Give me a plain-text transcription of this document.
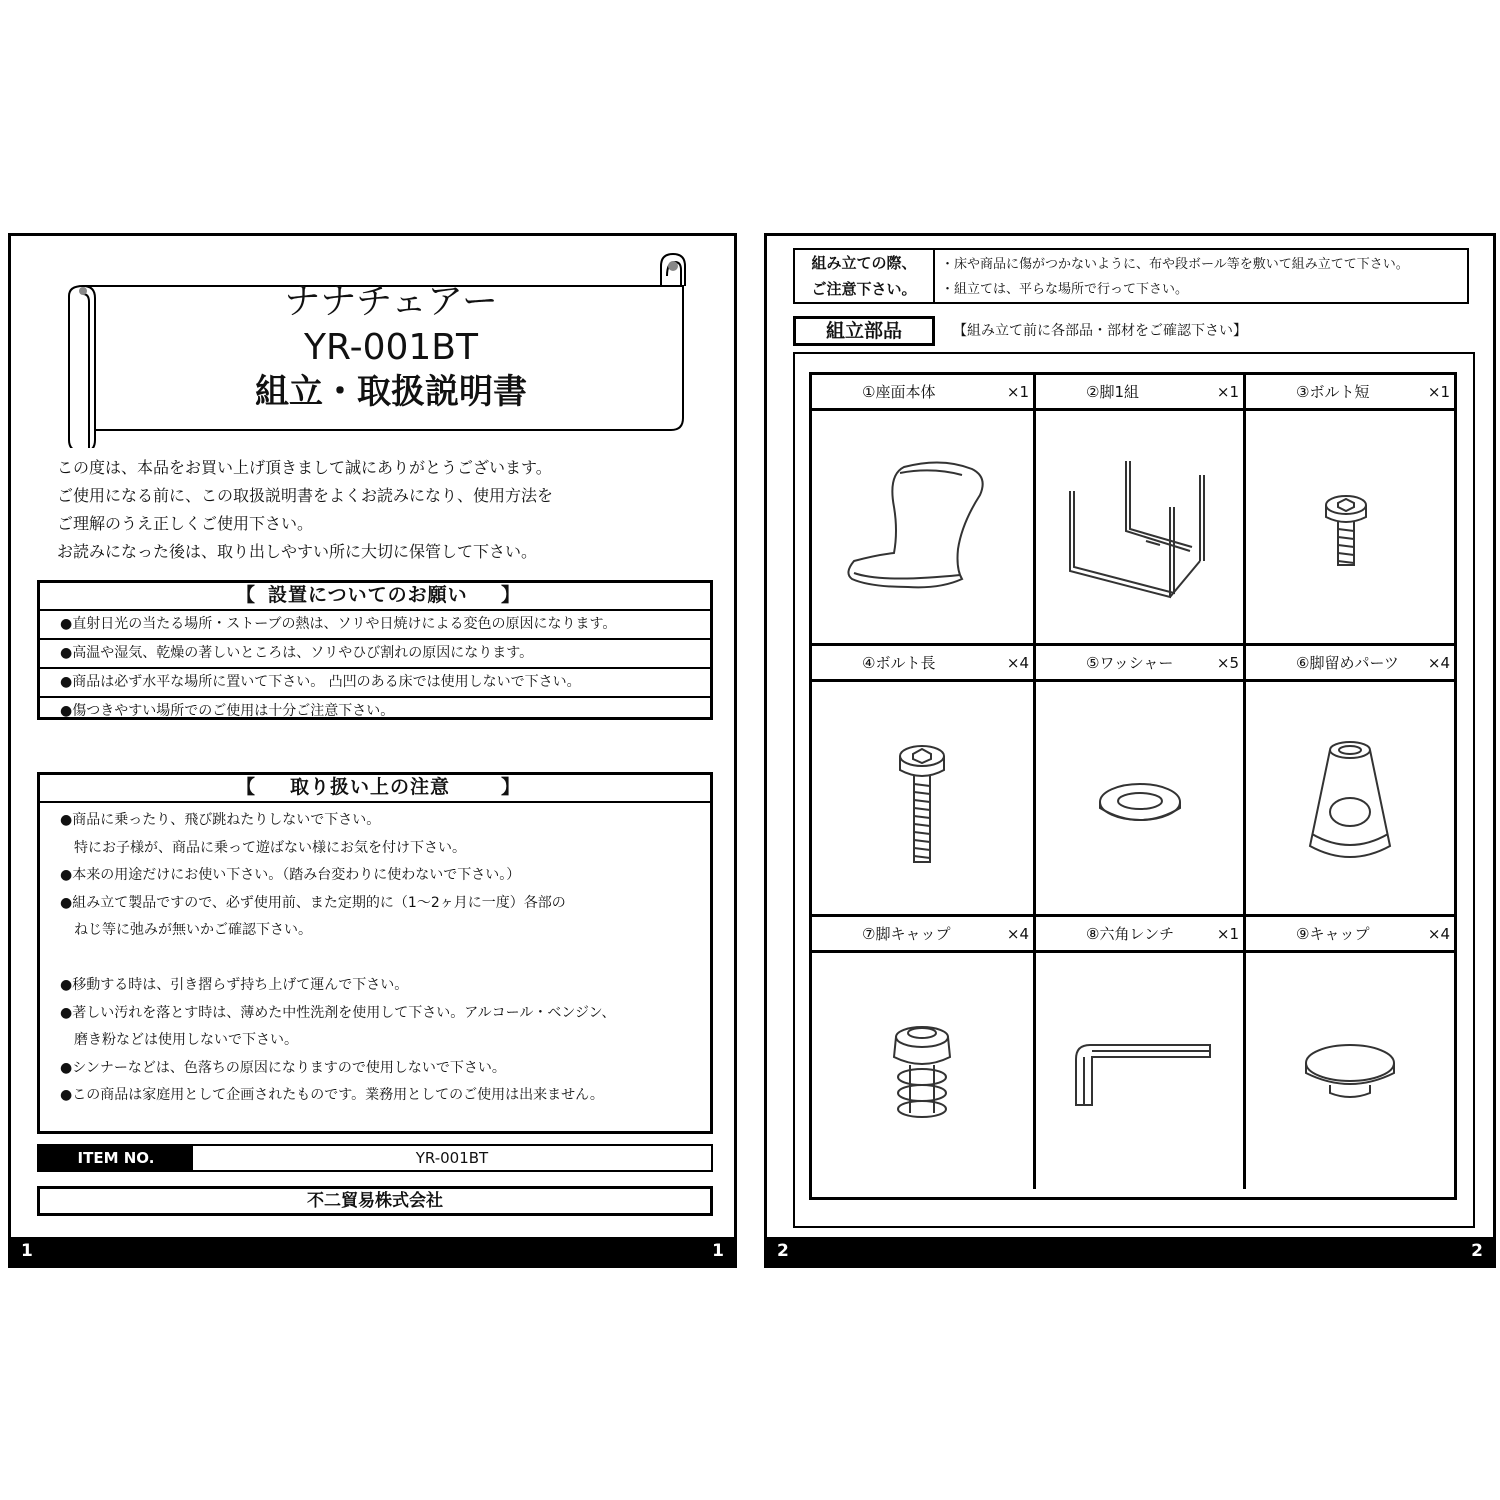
ナナチェアー
YR-001BT
組立・取扱説明書
この度は、本品をお買い上げ頂きまして誠にありがとうございます。
ご使用になる前に、この取扱説明書をよくお読みになり、使用方法を
ご理解のうえ正しくご使用下さい。
お読みになった後は、取り出しやすい所に大切に保管して下さい。
【 設置についてのお願い 】
●直射日光の当たる場所・ストーブの熱は、ソリや日焼けによる変色の原因になります。
●高温や湿気、乾燥の著しいところは、ソリやひび割れの原因になります。
●商品は必ず水平な場所に置いて下さい。 凸凹のある床では使用しないで下さい。
●傷つきやすい場所でのご使用は十分ご注意下さい。
【 取り扱い上の注意	】
●商品に乗ったり、飛び跳ねたりしないで下さい。
特にお子様が、商品に乗って遊ばない様にお気を付け下さい。
●本来の用途だけにお使い下さい。（踏み台変わりに使わないで下さい。）
●組み立て製品ですので、必ず使用前、また定期的に（1～2ヶ月に一度）各部の
ねじ等に弛みが無いかご確認下さい。

●移動する時は、引き摺らず持ち上げて運んで下さい。
●著しい汚れを落とす時は、薄めた中性洗剤を使用して下さい。アルコール・ベンジン、
磨き粉などは使用しないで下さい。
●シンナーなどは、色落ちの原因になりますので使用しないで下さい。
●この商品は家庭用として企画されたものです。業務用としてのご使用は出来ません。
ITEM NO.	YR-001BT
不二貿易株式会社
1	1
組み立ての際、
ご注意下さい。
・床や商品に傷がつかないように、布や段ボール等を敷いて組み立てて下さい。
・組立ては、平らな場所で行って下さい。
組立部品	【組み立て前に各部品・部材をご確認下さい】
①座面本体	×1	②脚1組	×1	③ボルト短	×1
④ボルト長	×4	⑤ワッシャー	×5	⑥脚留めパーツ ×4
⑦脚キャップ	×4	⑧六角レンチ	×1	⑨キャップ	×4
2	2
